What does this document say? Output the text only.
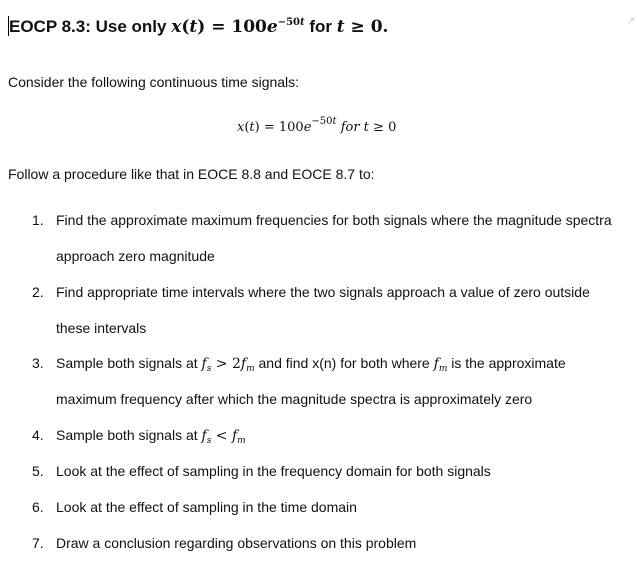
↗
EOCP 8.3: Use only $x(t) = 100e^{-50t}$ for t ≥ 0.
Consider the following continuous time signals:
$x(t) = 100e^{-50t}$ for t ≥ 0
Follow a procedure like that in EOCE 8.8 and EOCE 8.7 to:
1. Find the approximate maximum frequencies for both signals where the magnitude spectra
approach zero magnitude
2. Find appropriate time intervals where the two signals approach a value of zero outside
these intervals
3. Sample both signals at $f_s > 2f_m$ and find x(n) for both where $f_m$ is the approximate
maximum frequency after which the magnitude spectra is approximately zero
4. Sample both signals at $f_s < f_m$
5. Look at the effect of sampling in the frequency domain for both signals
6. Look at the effect of sampling in the time domain
7. Draw a conclusion regarding observations on this problem
